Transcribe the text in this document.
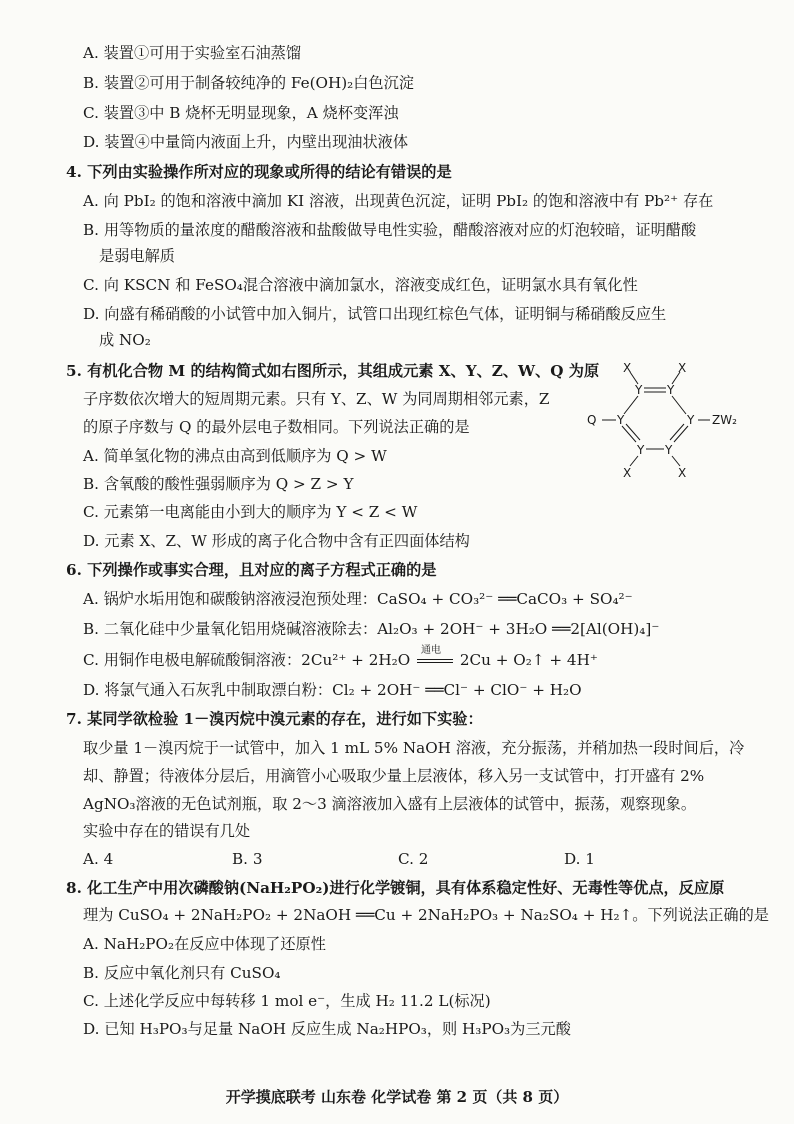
A. 装置①可用于实验室石油蒸馏
B. 装置②可用于制备较纯净的 Fe(OH)₂白色沉淀
C. 装置③中 B 烧杯无明显现象，A 烧杯变浑浊
D. 装置④中量筒内液面上升，内壁出现油状液体
4. 下列由实验操作所对应的现象或所得的结论有错误的是
A. 向 PbI₂ 的饱和溶液中滴加 KI 溶液，出现黄色沉淀，证明 PbI₂ 的饱和溶液中有 Pb²⁺ 存在
B. 用等物质的量浓度的醋酸溶液和盐酸做导电性实验，醋酸溶液对应的灯泡较暗，证明醋酸
是弱电解质
C. 向 KSCN 和 FeSO₄混合溶液中滴加氯水，溶液变成红色，证明氯水具有氧化性
D. 向盛有稀硝酸的小试管中加入铜片，试管口出现红棕色气体，证明铜与稀硝酸反应生
成 NO₂
5. 有机化合物 M 的结构简式如右图所示，其组成元素 X、Y、Z、W、Q 为原
子序数依次增大的短周期元素。只有 Y、Z、W 为同周期相邻元素，Z
的原子序数与 Q 的最外层电子数相同。下列说法正确的是
A. 简单氢化物的沸点由高到低顺序为 Q > W
B. 含氧酸的酸性强弱顺序为 Q > Z > Y
C. 元素第一电离能由小到大的顺序为 Y < Z < W
D. 元素 X、Z、W 形成的离子化合物中含有正四面体结构
X	X
Y Y
Q Y	Y ZW₂
Y Y
X	X
6. 下列操作或事实合理，且对应的离子方程式正确的是
A. 锅炉水垢用饱和碳酸钠溶液浸泡预处理：CaSO₄ + CO₃²⁻ ══CaCO₃ + SO₄²⁻
B. 二氧化硅中少量氧化铝用烧碱溶液除去：Al₂O₃ + 2OH⁻ + 3H₂O ══2[Al(OH)₄]⁻
C. 用铜作电极电解硫酸铜溶液：2Cu²⁺ + 2H₂O
通电
2Cu + O₂↑ + 4H⁺
D. 将氯气通入石灰乳中制取漂白粉：Cl₂ + 2OH⁻ ══Cl⁻ + ClO⁻ + H₂O
7. 某同学欲检验 1－溴丙烷中溴元素的存在，进行如下实验：
取少量 1－溴丙烷于一试管中，加入 1 mL 5% NaOH 溶液，充分振荡，并稍加热一段时间后，冷
却、静置；待液体分层后，用滴管小心吸取少量上层液体，移入另一支试管中，打开盛有 2%
AgNO₃溶液的无色试剂瓶，取 2～3 滴溶液加入盛有上层液体的试管中，振荡，观察现象。
实验中存在的错误有几处
A. 4	B. 3	C. 2	D. 1
8. 化工生产中用次磷酸钠(NaH₂PO₂)进行化学镀铜，具有体系稳定性好、无毒性等优点，反应原
理为 CuSO₄ + 2NaH₂PO₂ + 2NaOH ══Cu + 2NaH₂PO₃ + Na₂SO₄ + H₂↑。下列说法正确的是
A. NaH₂PO₂在反应中体现了还原性
B. 反应中氧化剂只有 CuSO₄
C. 上述化学反应中每转移 1 mol e⁻，生成 H₂ 11.2 L(标况)
D. 已知 H₃PO₃与足量 NaOH 反应生成 Na₂HPO₃，则 H₃PO₃为三元酸
开学摸底联考 山东卷 化学试卷 第 2 页（共 8 页）
